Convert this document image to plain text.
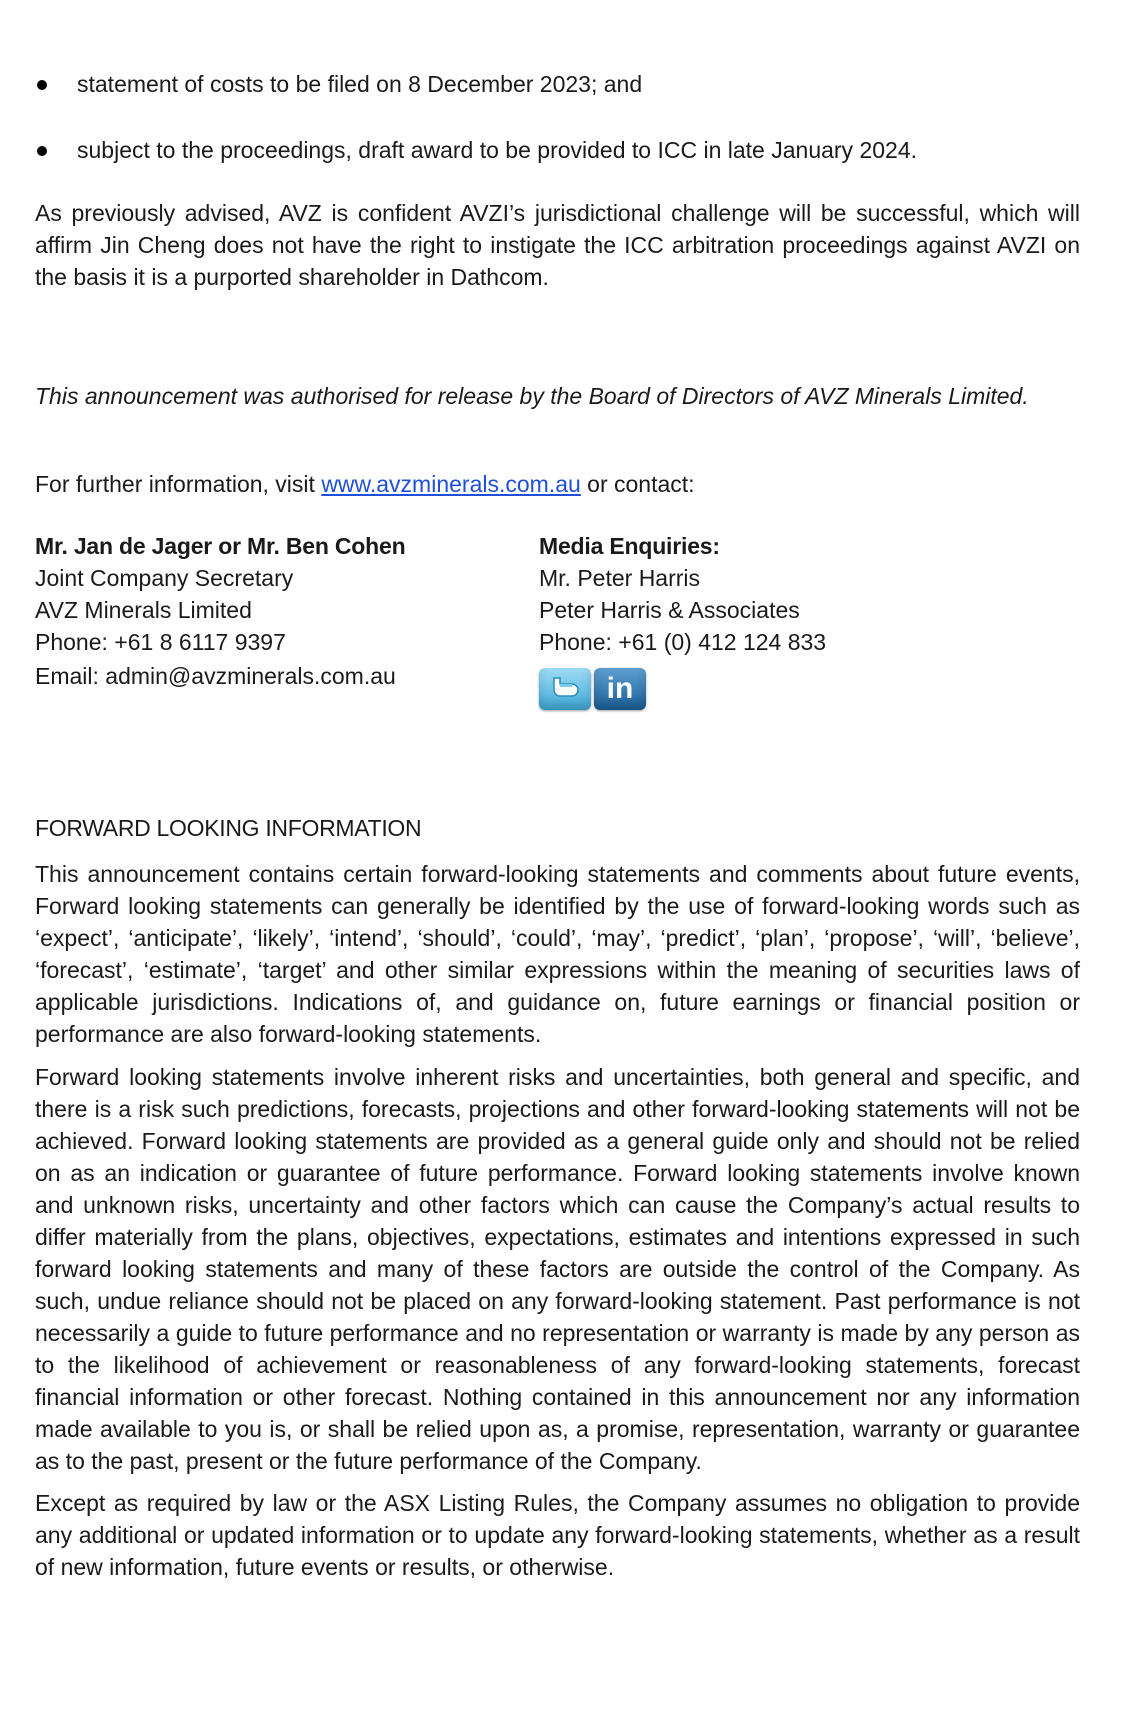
statement of costs to be filed on 8 December 2023; and
subject to the proceedings, draft award to be provided to ICC in late January 2024.

As previously advised, AVZ is confident AVZI’s jurisdictional challenge will be successful, which will affirm Jin Cheng does not have the right to instigate the ICC arbitration proceedings against AVZI on the basis it is a purported shareholder in Dathcom.

This announcement was authorised for release by the Board of Directors of AVZ Minerals Limited.

For further information, visit www.avzminerals.com.au or contact:

Mr. Jan de Jager or Mr. Ben Cohen
Joint Company Secretary
AVZ Minerals Limited
Phone: +61 8 6117 9397
Email: admin@avzminerals.com.au
Media Enquiries:
Mr. Peter Harris
Peter Harris & Associates
Phone: +61 (0) 412 124 833
in
FORWARD LOOKING INFORMATION

This announcement contains certain forward-looking statements and comments about future events, Forward looking statements can generally be identified by the use of forward-looking words such as ‘expect’, ‘anticipate’, ‘likely’, ‘intend’, ‘should’, ‘could’, ‘may’, ‘predict’, ‘plan’, ‘propose’, ‘will’, ‘believe’, ‘forecast’, ‘estimate’, ‘target’ and other similar expressions within the meaning of securities laws of applicable jurisdictions. Indications of, and guidance on, future earnings or financial position or performance are also forward-looking statements.

Forward looking statements involve inherent risks and uncertainties, both general and specific, and there is a risk such predictions, forecasts, projections and other forward-looking statements will not be achieved. Forward looking statements are provided as a general guide only and should not be relied on as an indication or guarantee of future performance. Forward looking statements involve known and unknown risks, uncertainty and other factors which can cause the Company’s actual results to differ materially from the plans, objectives, expectations, estimates and intentions expressed in such forward looking statements and many of these factors are outside the control of the Company. As such, undue reliance should not be placed on any forward-looking statement. Past performance is not necessarily a guide to future performance and no representation or warranty is made by any person as to the likelihood of achievement or reasonableness of any forward-looking statements, forecast financial information or other forecast. Nothing contained in this announcement nor any information made available to you is, or shall be relied upon as, a promise, representation, warranty or guarantee as to the past, present or the future performance of the Company.

Except as required by law or the ASX Listing Rules, the Company assumes no obligation to provide any additional or updated information or to update any forward-looking statements, whether as a result of new information, future events or results, or otherwise.
